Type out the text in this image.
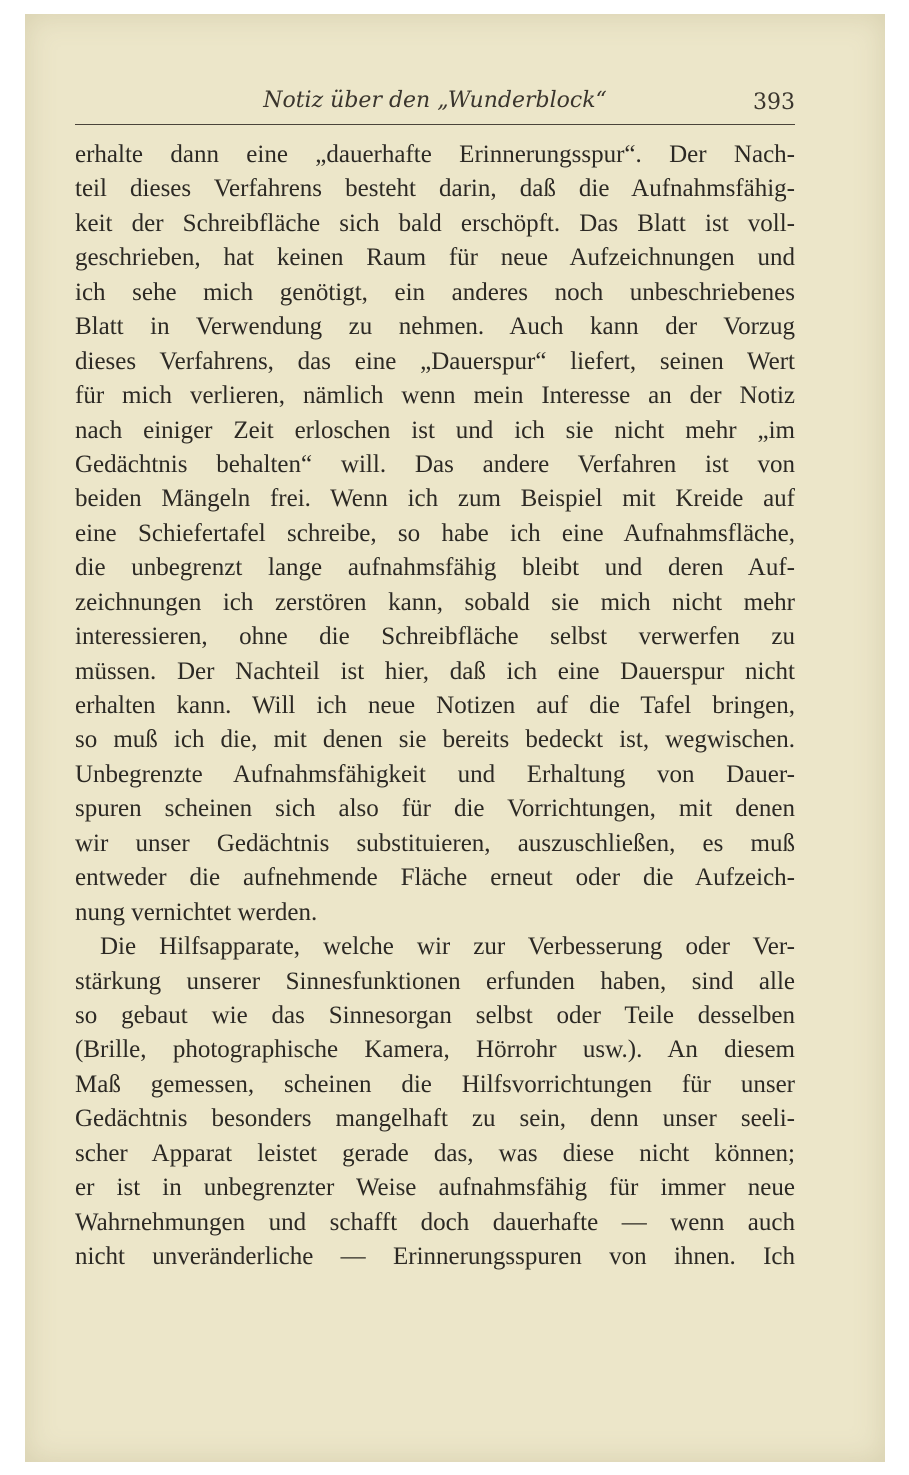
Notiz über den „Wunderblock“	393
erhalte dann eine „dauerhafte Erinnerungsspur“. Der Nach-
teil dieses Verfahrens besteht darin, daß die Aufnahmsfähig-
keit der Schreibfläche sich bald erschöpft. Das Blatt ist voll-
geschrieben, hat keinen Raum für neue Aufzeichnungen und
ich sehe mich genötigt, ein anderes noch unbeschriebenes
Blatt in Verwendung zu nehmen. Auch kann der Vorzug
dieses Verfahrens, das eine „Dauerspur“ liefert, seinen Wert
für mich verlieren, nämlich wenn mein Interesse an der Notiz
nach einiger Zeit erloschen ist und ich sie nicht mehr „im
Gedächtnis behalten“ will. Das andere Verfahren ist von
beiden Mängeln frei. Wenn ich zum Beispiel mit Kreide auf
eine Schiefertafel schreibe, so habe ich eine Aufnahmsfläche,
die unbegrenzt lange aufnahmsfähig bleibt und deren Auf-
zeichnungen ich zerstören kann, sobald sie mich nicht mehr
interessieren, ohne die Schreibfläche selbst verwerfen zu
müssen. Der Nachteil ist hier, daß ich eine Dauerspur nicht
erhalten kann. Will ich neue Notizen auf die Tafel bringen,
so muß ich die, mit denen sie bereits bedeckt ist, wegwischen.
Unbegrenzte Aufnahmsfähigkeit und Erhaltung von Dauer-
spuren scheinen sich also für die Vorrichtungen, mit denen
wir unser Gedächtnis substituieren, auszuschließen, es muß
entweder die aufnehmende Fläche erneut oder die Aufzeich-
nung vernichtet werden.
Die Hilfsapparate, welche wir zur Verbesserung oder Ver-
stärkung unserer Sinnesfunktionen erfunden haben, sind alle
so gebaut wie das Sinnesorgan selbst oder Teile desselben
(Brille, photographische Kamera, Hörrohr usw.). An diesem
Maß gemessen, scheinen die Hilfsvorrichtungen für unser
Gedächtnis besonders mangelhaft zu sein, denn unser seeli-
scher Apparat leistet gerade das, was diese nicht können;
er ist in unbegrenzter Weise aufnahmsfähig für immer neue
Wahrnehmungen und schafft doch dauerhafte — wenn auch
nicht unveränderliche — Erinnerungsspuren von ihnen. Ich
